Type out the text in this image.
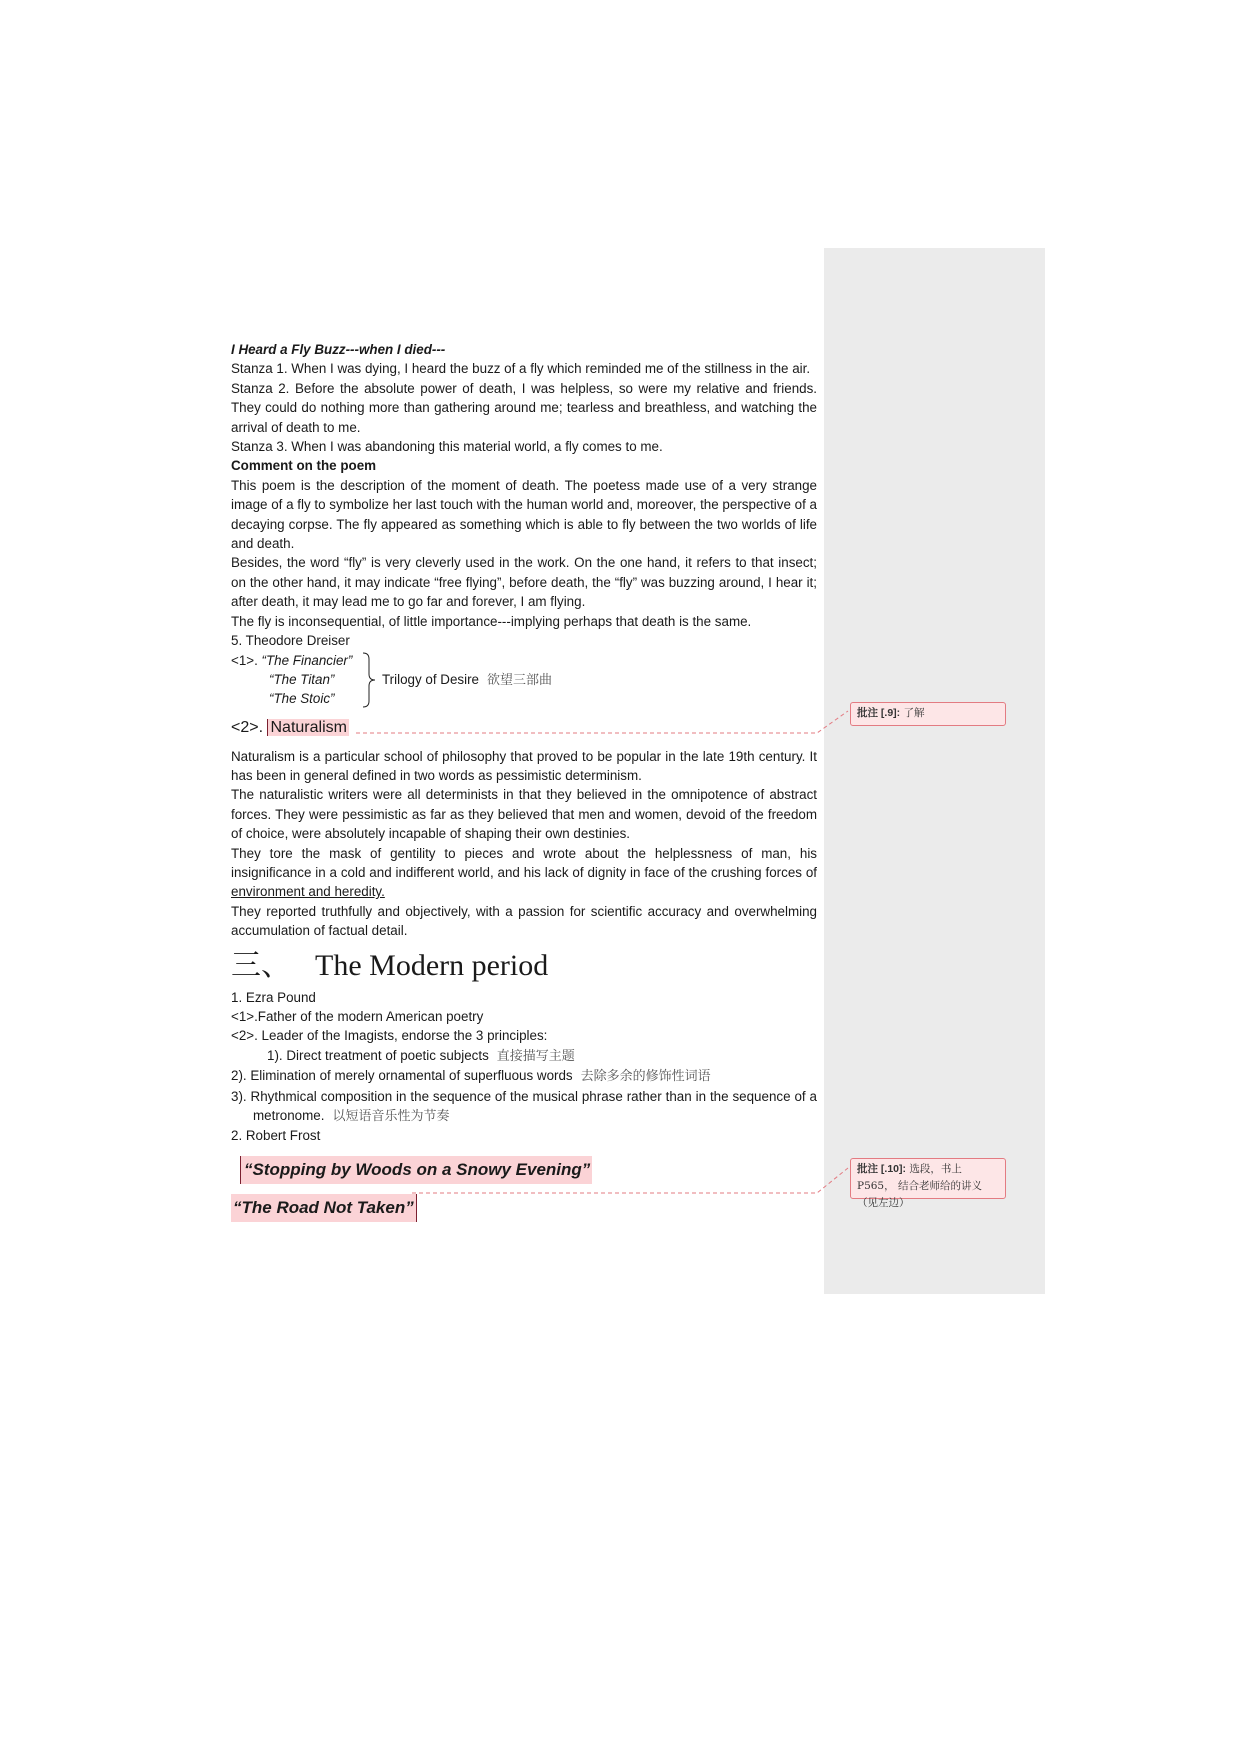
I Heard a Fly Buzz---when I died---

Stanza 1. When I was dying, I heard the buzz of a fly which reminded me of the stillness in the air.

Stanza 2. Before the absolute power of death, I was helpless, so were my relative and friends. They could do nothing more than gathering around me; tearless and breathless, and watching the arrival of death to me.

Stanza 3. When I was abandoning this material world, a fly comes to me.

Comment on the poem

This poem is the description of the moment of death. The poetess made use of a very strange image of a fly to symbolize her last touch with the human world and, moreover, the perspective of a decaying corpse. The fly appeared as something which is able to fly between the two worlds of life and death.

Besides, the word “fly” is very cleverly used in the work. On the one hand, it refers to that insect; on the other hand, it may indicate “free flying”, before death, the “fly” was buzzing around, I hear it; after death, it may lead me to go far and forever, I am flying.

The fly is inconsequential, of little importance---implying perhaps that death is the same.

5. Theodore Dreiser

<1>. “The Financier”
“The Titan”
“The Stoic”
Trilogy of Desire 欲望三部曲

<2>. Naturalism

Naturalism is a particular school of philosophy that proved to be popular in the late 19th century. It has been in general defined in two words as pessimistic determinism.

The naturalistic writers were all determinists in that they believed in the omnipotence of abstract forces. They were pessimistic as far as they believed that men and women, devoid of the freedom of choice, were absolutely incapable of shaping their own destinies.

They tore the mask of gentility to pieces and wrote about the helplessness of man, his insignificance in a cold and indifferent world, and his lack of dignity in face of the crushing forces of environment and heredity.

They reported truthfully and objectively, with a passion for scientific accuracy and overwhelming accumulation of factual detail.

三、 The Modern period

1. Ezra Pound

<1>.Father of the modern American poetry

<2>. Leader of the Imagists, endorse the 3 principles:

1). Direct treatment of poetic subjects 直接描写主题

2). Elimination of merely ornamental of superfluous words 去除多余的修饰性词语

3). Rhythmical composition in the sequence of the musical phrase rather than in the sequence of a metronome. 以短语音乐性为节奏

2. Robert Frost

“Stopping by Woods on a Snowy Evening”

“The Road Not Taken”

批注 [.9]: 了解
批注 [.10]: 选段，书上 P565， 结合老师给的讲义（见左边）
